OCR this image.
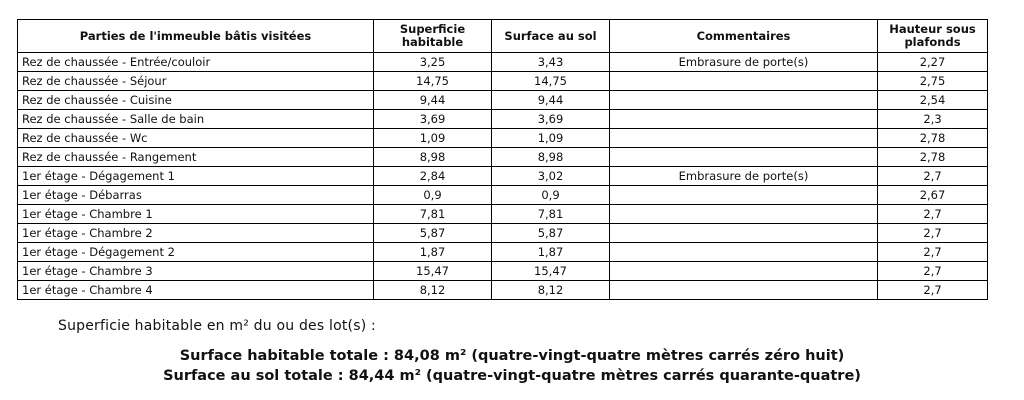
Parties de l'immeuble bâtis visitées	Superficie habitable	Surface au sol	Commentaires	Hauteur sous plafonds
Rez de chaussée - Entrée/couloir	3,25	3,43	Embrasure de porte(s)	2,27
Rez de chaussée - Séjour	14,75	14,75		2,75
Rez de chaussée - Cuisine	9,44	9,44		2,54
Rez de chaussée - Salle de bain	3,69	3,69		2,3
Rez de chaussée - Wc	1,09	1,09		2,78
Rez de chaussée - Rangement	8,98	8,98		2,78
1er étage - Dégagement 1	2,84	3,02	Embrasure de porte(s)	2,7
1er étage - Débarras	0,9	0,9		2,67
1er étage - Chambre 1	7,81	7,81		2,7
1er étage - Chambre 2	5,87	5,87		2,7
1er étage - Dégagement 2	1,87	1,87		2,7
1er étage - Chambre 3	15,47	15,47		2,7
1er étage - Chambre 4	8,12	8,12		2,7
Superficie habitable en m² du ou des lot(s) :
Surface habitable totale : 84,08 m² (quatre-vingt-quatre mètres carrés zéro huit)
Surface au sol totale : 84,44 m² (quatre-vingt-quatre mètres carrés quarante-quatre)
